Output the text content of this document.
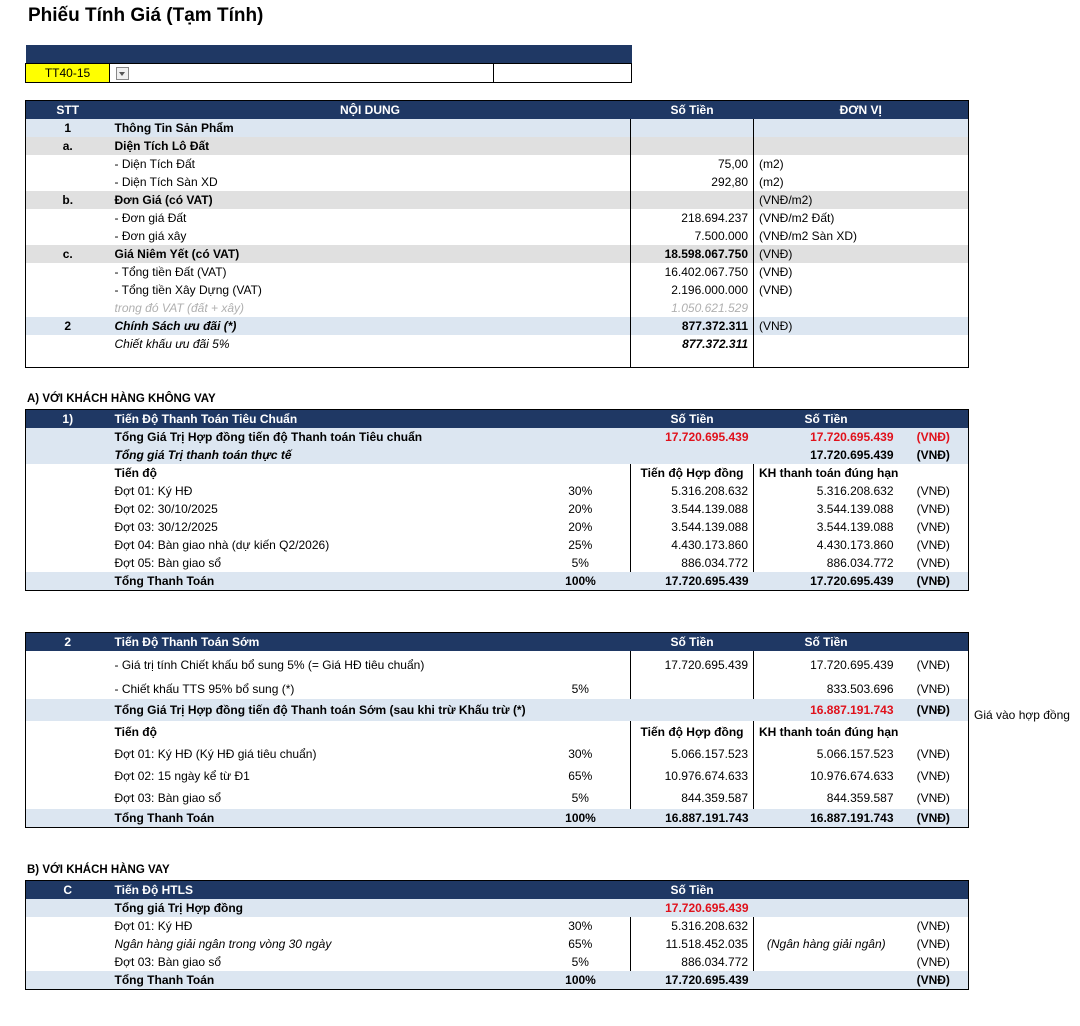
Phiếu Tính Giá (Tạm Tính)

TT40-15		
STT	NỘI DUNG	Số Tiền	ĐƠN VỊ
1	Thông Tin Sản Phẩm		
a.	Diện Tích Lô Đất		
	- Diện Tích Đất	75,00	(m2)
	- Diện Tích Sàn XD	292,80	(m2)
b.	Đơn Giá (có VAT)		(VNĐ/m2)
	- Đơn giá Đất	218.694.237	(VNĐ/m2 Đất)
	- Đơn giá xây	7.500.000	(VNĐ/m2 Sàn XD)
c.	Giá Niêm Yết (có VAT)	18.598.067.750	(VNĐ)
	- Tổng tiền Đất (VAT)	16.402.067.750	(VNĐ)
	- Tổng tiền Xây Dựng (VAT)	2.196.000.000	(VNĐ)
	trong đó VAT (đất + xây)	1.050.621.529	
2	Chính Sách ưu đãi (*)	877.372.311	(VNĐ)
	Chiết khấu ưu đãi 5%	877.372.311	

A) VỚI KHÁCH HÀNG KHÔNG VAY
1)	Tiến Độ Thanh Toán Tiêu Chuẩn		Số Tiền	Số Tiền	
	Tổng Giá Trị Hợp đồng tiến độ Thanh toán Tiêu chuẩn		17.720.695.439	17.720.695.439	(VNĐ)
	Tổng giá Trị thanh toán thực tế			17.720.695.439	(VNĐ)
	Tiến độ		Tiến độ Hợp đồng	KH thanh toán đúng hạn	
	Đợt 01: Ký HĐ	30%	5.316.208.632	5.316.208.632	(VNĐ)
	Đợt 02: 30/10/2025	20%	3.544.139.088	3.544.139.088	(VNĐ)
	Đợt 03: 30/12/2025	20%	3.544.139.088	3.544.139.088	(VNĐ)
	Đợt 04: Bàn giao nhà (dự kiến Q2/2026)	25%	4.430.173.860	4.430.173.860	(VNĐ)
	Đợt 05: Bàn giao sổ	5%	886.034.772	886.034.772	(VNĐ)
	Tổng Thanh Toán	100%	17.720.695.439	17.720.695.439	(VNĐ)
2	Tiến Độ Thanh Toán Sớm		Số Tiền	Số Tiền	
	- Giá trị tính Chiết khấu bổ sung 5% (= Giá HĐ tiêu chuẩn)		17.720.695.439	17.720.695.439	(VNĐ)
	- Chiết khấu TTS 95% bổ sung (*)	5%		833.503.696	(VNĐ)
	Tổng Giá Trị Hợp đồng tiến độ Thanh toán Sớm (sau khi trừ Khấu trừ (*)			16.887.191.743	(VNĐ)
	Tiến độ		Tiến độ Hợp đồng	KH thanh toán đúng hạn	
	Đợt 01: Ký HĐ (Ký HĐ giá tiêu chuẩn)	30%	5.066.157.523	5.066.157.523	(VNĐ)
	Đợt 02: 15 ngày kể từ Đ1	65%	10.976.674.633	10.976.674.633	(VNĐ)
	Đợt 03: Bàn giao sổ	5%	844.359.587	844.359.587	(VNĐ)
	Tổng Thanh Toán	100%	16.887.191.743	16.887.191.743	(VNĐ)
Giá vào hợp đồng
B) VỚI KHÁCH HÀNG VAY
C	Tiến Độ HTLS		Số Tiền		
	Tổng giá Trị Hợp đồng		17.720.695.439		
	Đợt 01: Ký HĐ	30%	5.316.208.632		(VNĐ)
	Ngân hàng giải ngân trong vòng 30 ngày	65%	11.518.452.035	(Ngân hàng giải ngân)	(VNĐ)
	Đợt 03: Bàn giao sổ	5%	886.034.772		(VNĐ)
	Tổng Thanh Toán	100%	17.720.695.439		(VNĐ)
